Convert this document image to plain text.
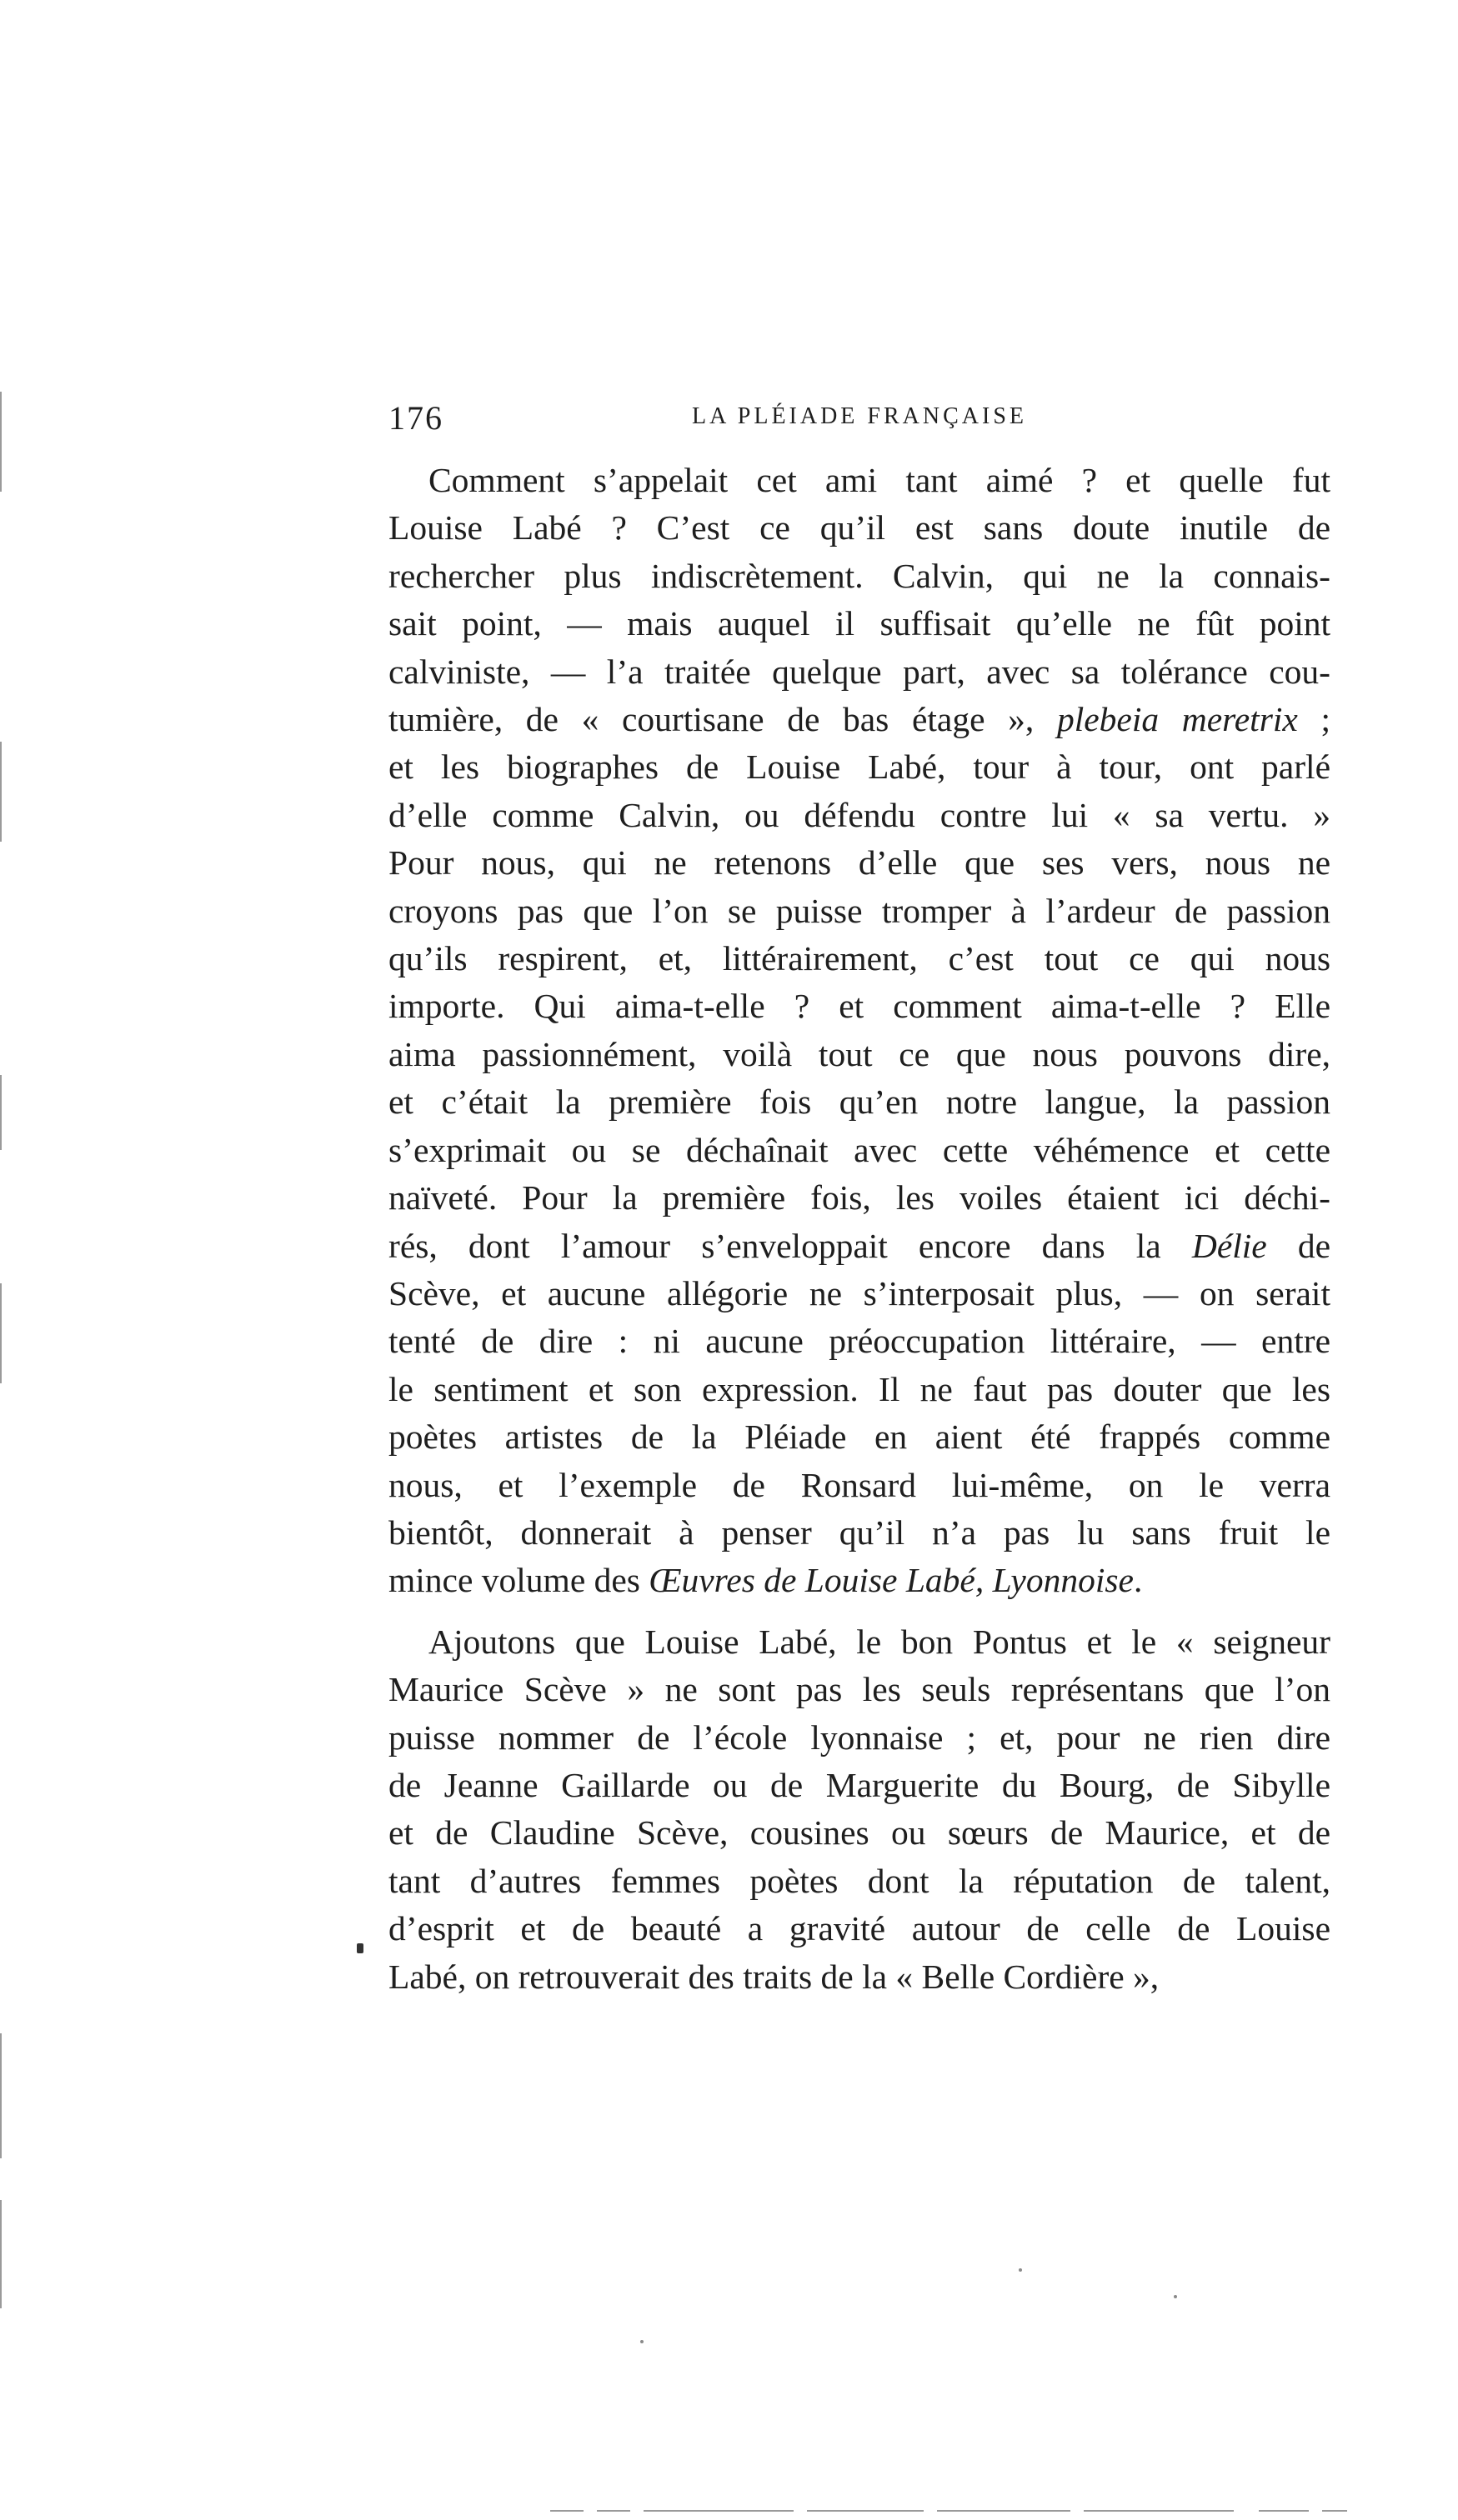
176	LA PLÉIADE FRANÇAISE
Comment s’appelait cet ami tant aimé ? et quelle fut
Louise Labé ? C’est ce qu’il est sans doute inutile de
rechercher plus indiscrètement. Calvin, qui ne la connais-
sait point, — mais auquel il suffisait qu’elle ne fût point
calviniste, — l’a traitée quelque part, avec sa tolérance cou-
tumière, de « courtisane de bas étage », plebeia meretrix ;
et les biographes de Louise Labé, tour à tour, ont parlé
d’elle comme Calvin, ou défendu contre lui « sa vertu. »
Pour nous, qui ne retenons d’elle que ses vers, nous ne
croyons pas que l’on se puisse tromper à l’ardeur de passion
qu’ils respirent, et, littérairement, c’est tout ce qui nous
importe. Qui aima-t-elle ? et comment aima-t-elle ? Elle
aima passionnément, voilà tout ce que nous pouvons dire,
et c’était la première fois qu’en notre langue, la passion
s’exprimait ou se déchaînait avec cette véhémence et cette
naïveté. Pour la première fois, les voiles étaient ici déchi-
rés, dont l’amour s’enveloppait encore dans la Délie de
Scève, et aucune allégorie ne s’interposait plus, — on serait
tenté de dire : ni aucune préoccupation littéraire, — entre
le sentiment et son expression. Il ne faut pas douter que les
poètes artistes de la Pléiade en aient été frappés comme
nous, et l’exemple de Ronsard lui-même, on le verra
bientôt, donnerait à penser qu’il n’a pas lu sans fruit le
mince volume des Œuvres de Louise Labé, Lyonnoise.
Ajoutons que Louise Labé, le bon Pontus et le « seigneur
Maurice Scève » ne sont pas les seuls représentans que l’on
puisse nommer de l’école lyonnaise ; et, pour ne rien dire
de Jeanne Gaillarde ou de Marguerite du Bourg, de Sibylle
et de Claudine Scève, cousines ou sœurs de Maurice, et de
tant d’autres femmes poètes dont la réputation de talent,
d’esprit et de beauté a gravité autour de celle de Louise
Labé, on retrouverait des traits de la « Belle Cordière »,
